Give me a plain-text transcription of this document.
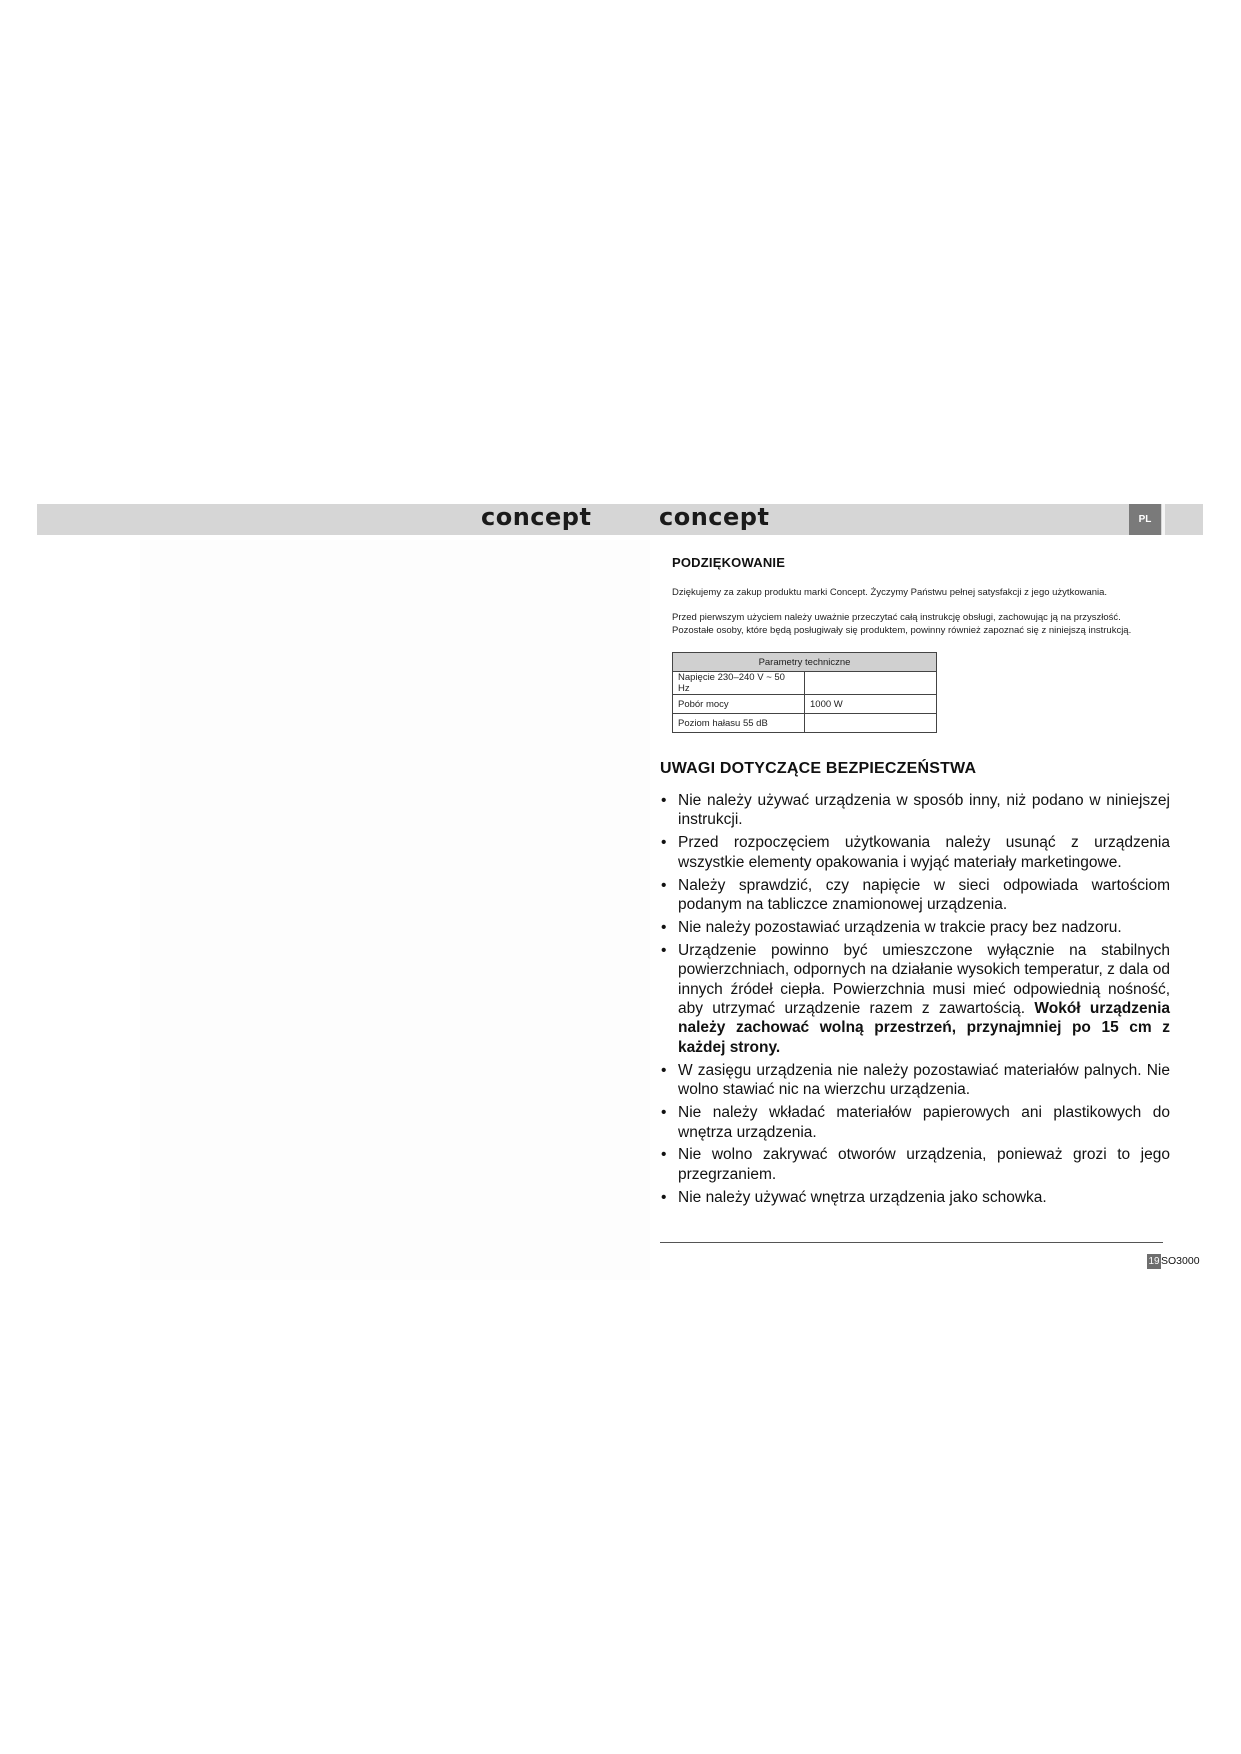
concept	concept	PL
PODZIĘKOWANIE
Dziękujemy za zakup produktu marki Concept. Życzymy Państwu pełnej satysfakcji z jego użytkowania.
Przed pierwszym użyciem należy uważnie przeczytać całą instrukcję obsługi, zachowując ją na przyszłość.
Pozostałe osoby, które będą posługiwały się produktem, powinny również zapoznać się z niniejszą instrukcją.
Parametry techniczne	
Napięcie 230–240 V ~ 50 Hz	
Pobór mocy	1000 W
Poziom hałasu 55 dB	
UWAGI DOTYCZĄCE BEZPIECZEŃSTWA
• Nie należy używać urządzenia w sposób inny, niż podano w niniejszej instrukcji.
• Przed rozpoczęciem użytkowania należy usunąć z urządzenia wszystkie elementy opakowania i wyjąć materiały marketingowe.
• Należy sprawdzić, czy napięcie w sieci odpowiada wartościom podanym na tabliczce znamionowej urządzenia.
• Nie należy pozostawiać urządzenia w trakcie pracy bez nadzoru.
• Urządzenie powinno być umieszczone wyłącznie na stabilnych powierzchniach, odpornych na działanie wysokich temperatur, z dala od innych źródeł ciepła. Powierzchnia musi mieć odpowiednią nośność, aby utrzymać urządzenie razem z zawartością. Wokół urządzenia należy zachować wolną przestrzeń, przynajmniej po 15 cm z każdej strony.
• W zasięgu urządzenia nie należy pozostawiać materiałów palnych. Nie wolno stawiać nic na wierzchu urządzenia.
• Nie należy wkładać materiałów papierowych ani plastikowych do wnętrza urządzenia.
• Nie wolno zakrywać otworów urządzenia, ponieważ grozi to jego przegrzaniem.
• Nie należy używać wnętrza urządzenia jako schowka.
19 SO3000
